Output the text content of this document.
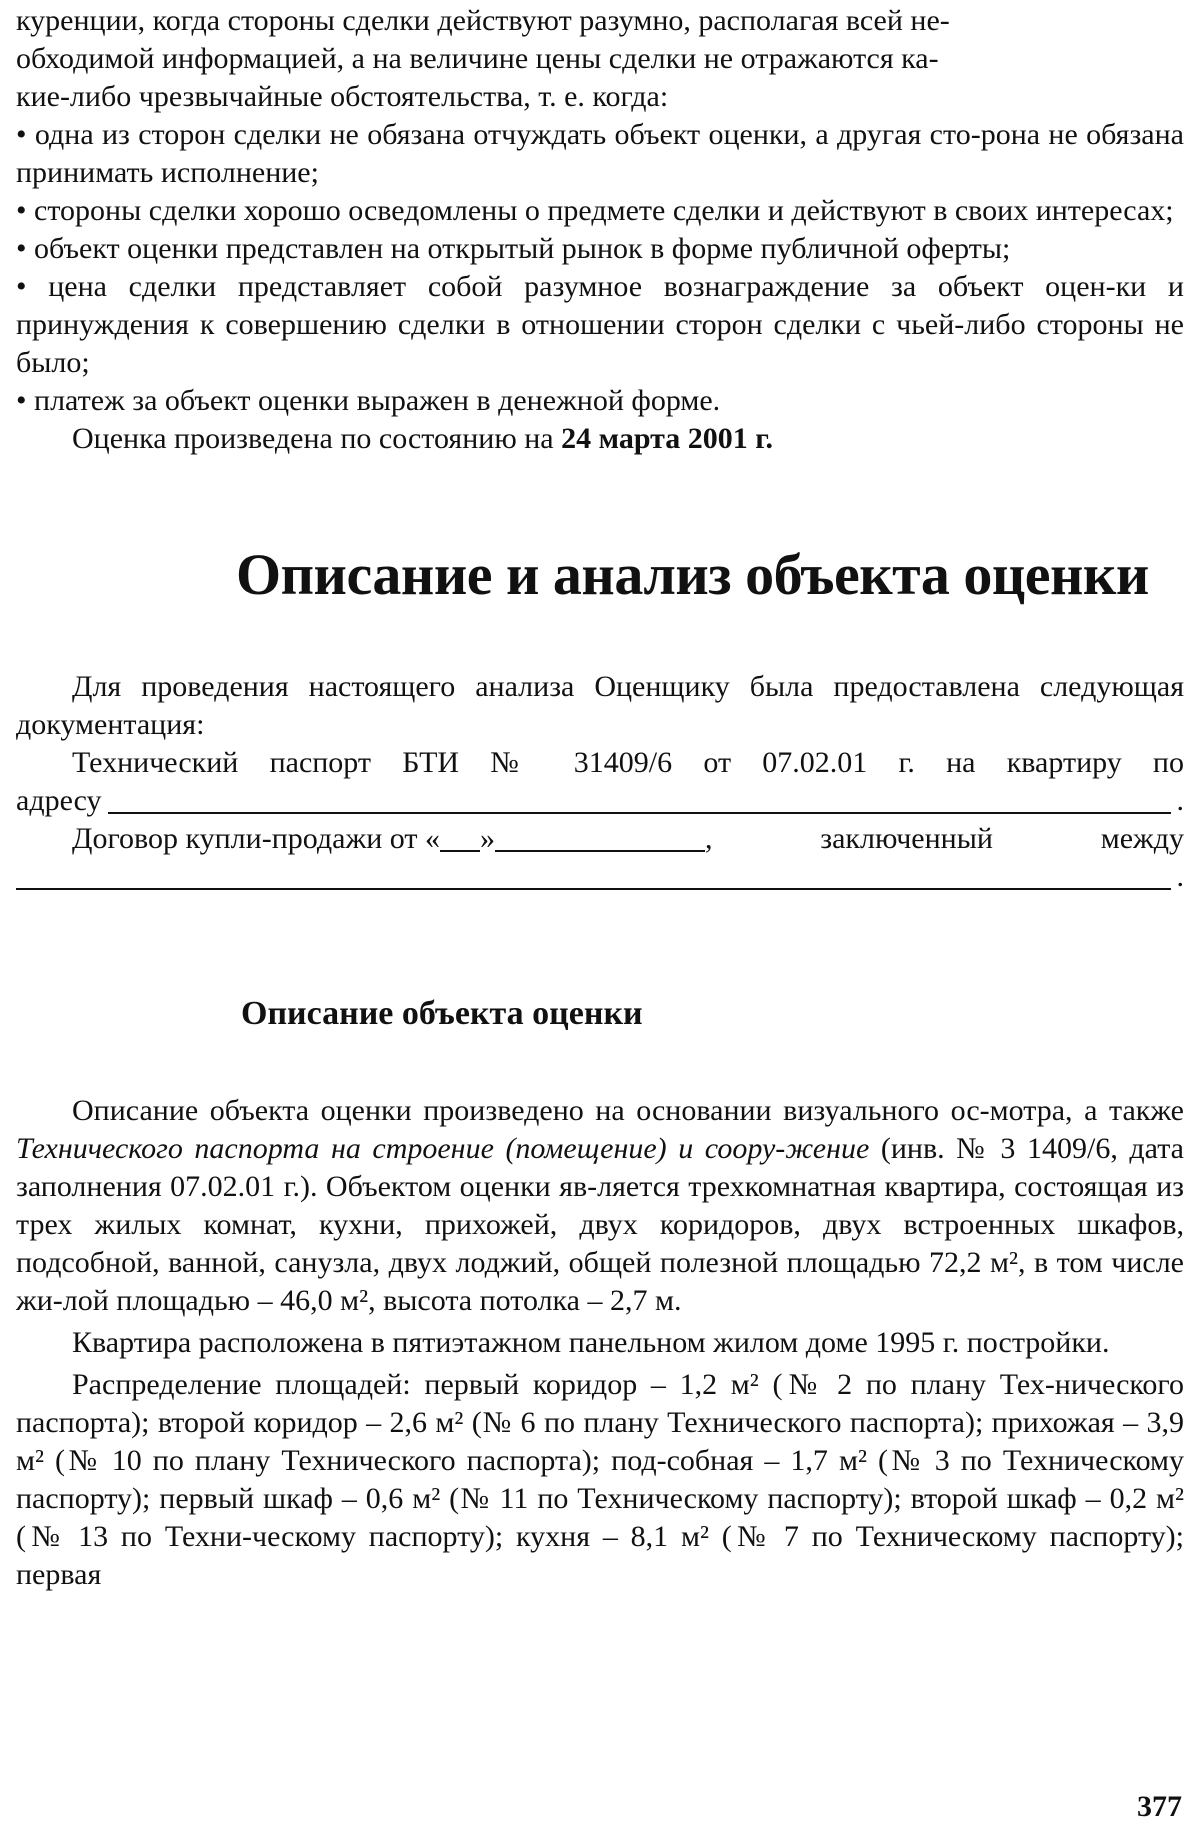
куренции, когда стороны сделки действуют разумно, располагая всей не-
обходимой информацией, а на величине цены сделки не отражаются ка-
кие-либо чрезвычайные обстоятельства, т. е. когда:

• одна из сторон сделки не обязана отчуждать объект оценки, а другая сто-рона не обязана принимать исполнение;

• стороны сделки хорошо осведомлены о предмете сделки и действуют в своих интересах;

• объект оценки представлен на открытый рынок в форме публичной оферты;

• цена сделки представляет собой разумное вознаграждение за объект оцен-ки и принуждения к совершению сделки в отношении сторон сделки с чьей-либо стороны не было;

• платеж за объект оценки выражен в денежной форме.

Оценка произведена по состоянию на 24 марта 2001 г.

Описание и анализ объекта оценки

Для проведения настоящего анализа Оценщику была предоставлена следующая документация:

Технический паспорт БТИ № 31409/6 от 07.02.01 г. на квартиру по

адресу	.
Договор купли-продажи от « »	, заключенный между
.
Описание объекта оценки

Описание объекта оценки произведено на основании визуального ос-мотра, а также Технического паспорта на строение (помещение) и соору-жение (инв. № 3 1409/6, дата заполнения 07.02.01 г.). Объектом оценки яв-ляется трехкомнатная квартира, состоящая из трех жилых комнат, кухни, прихожей, двух коридоров, двух встроенных шкафов, подсобной, ванной, санузла, двух лоджий, общей полезной площадью 72,2 м², в том числе жи-лой площадью – 46,0 м², высота потолка – 2,7 м.

Квартира расположена в пятиэтажном панельном жилом доме 1995 г. постройки.

Распределение площадей: первый коридор – 1,2 м² (№ 2 по плану Тех-нического паспорта); второй коридор – 2,6 м² (№ 6 по плану Технического паспорта); прихожая – 3,9 м² (№ 10 по плану Технического паспорта); под-собная – 1,7 м² (№ 3 по Техническому паспорту); первый шкаф – 0,6 м² (№ 11 по Техническому паспорту); второй шкаф – 0,2 м² (№ 13 по Техни-ческому паспорту); кухня – 8,1 м² (№ 7 по Техническому паспорту); первая

377
